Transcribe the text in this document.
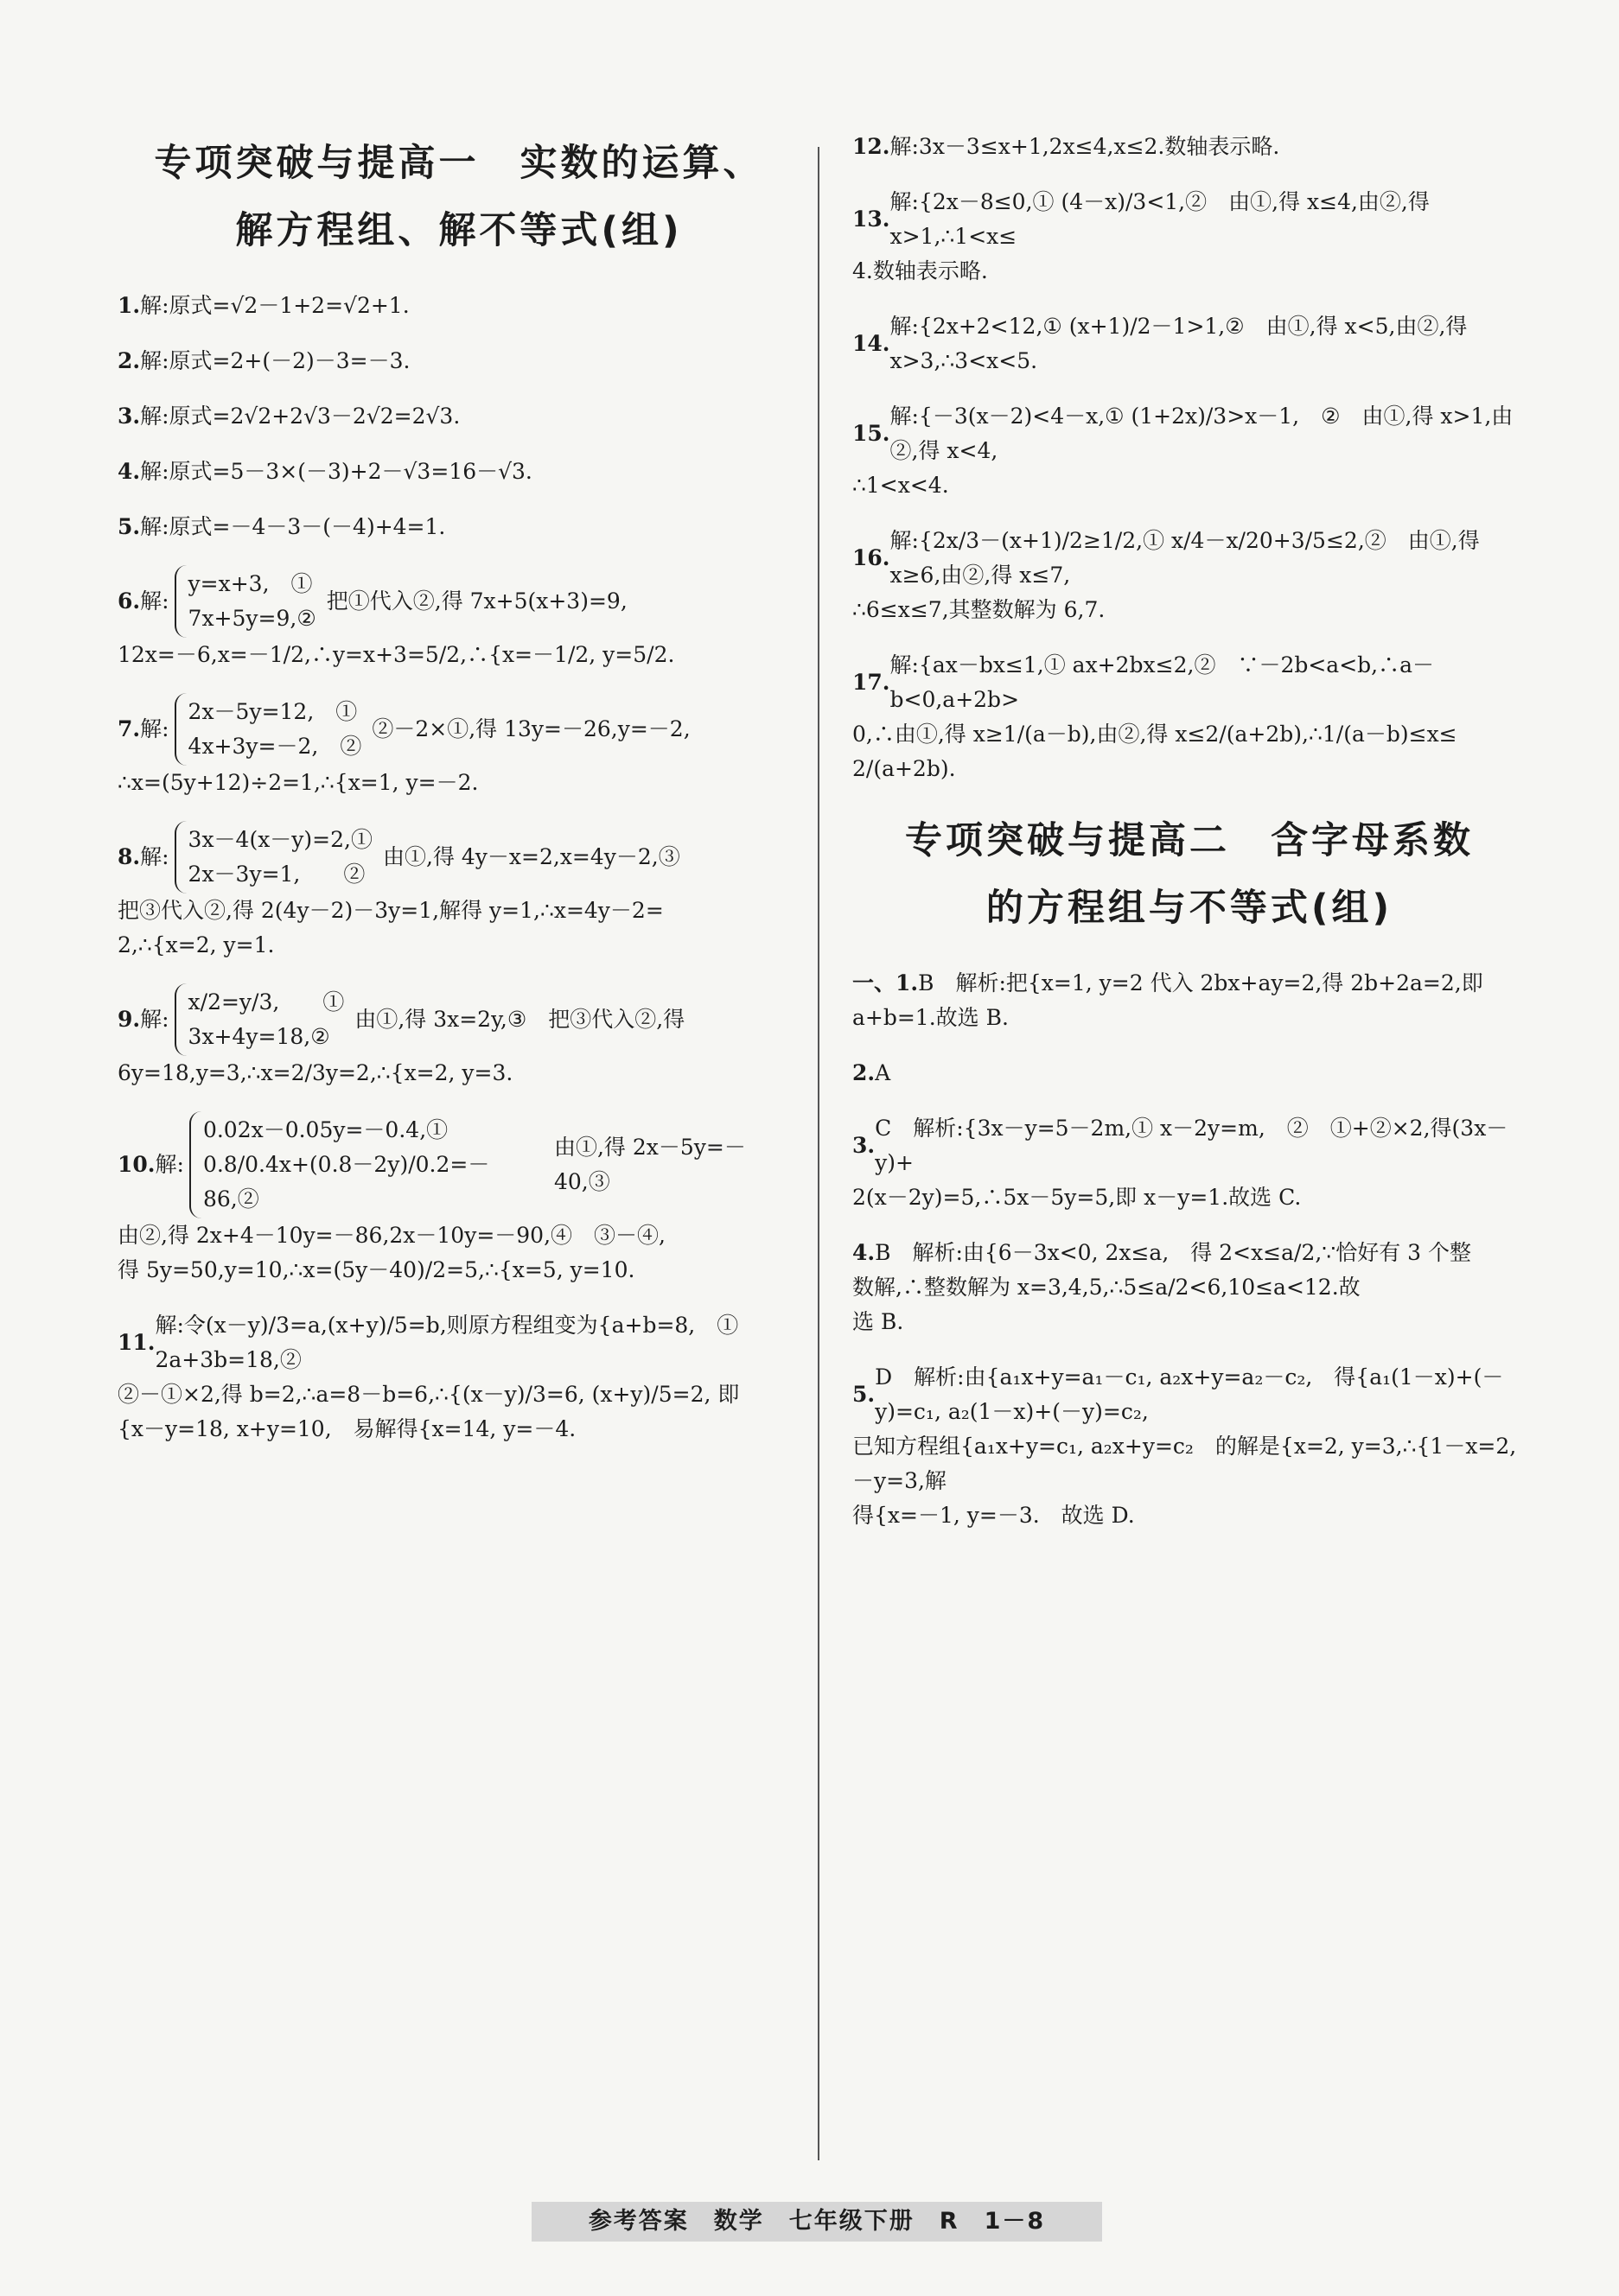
专项突破与提高一　实数的运算、
解方程组、解不等式(组)
1. 解:原式=√2－1+2=√2+1.
2. 解:原式=2+(－2)－3=－3.
3. 解:原式=2√2+2√3－2√2=2√3.
4. 解:原式=5－3×(－3)+2－√3=16－√3.
5. 解:原式=－4－3－(－4)+4=1.
6. 解:
y=x+3,　①
7x+5y=9,②
把①代入②,得 7x+5(x+3)=9,
12x=－6,x=－1/2,∴y=x+3=5/2,∴{x=－1/2, y=5/2.
7. 解:
2x－5y=12,　①
4x+3y=－2,　②
②－2×①,得 13y=－26,y=－2,
∴x=(5y+12)÷2=1,∴{x=1, y=－2.
8. 解:
3x－4(x－y)=2,①
2x－3y=1,　　②
由①,得 4y－x=2,x=4y－2,③
把③代入②,得 2(4y－2)－3y=1,解得 y=1,∴x=4y－2=
2,∴{x=2, y=1.
9. 解:
x/2=y/3,　　①
3x+4y=18,②
由①,得 3x=2y,③　把③代入②,得
6y=18,y=3,∴x=2/3y=2,∴{x=2, y=3.
10. 解:
0.02x－0.05y=－0.4,①
0.8/0.4x+(0.8－2y)/0.2=－86,②
由①,得 2x－5y=－40,③
由②,得 2x+4－10y=－86,2x－10y=－90,④　③－④,
得 5y=50,y=10,∴x=(5y－40)/2=5,∴{x=5, y=10.
11.
解:令(x－y)/3=a,(x+y)/5=b,则原方程组变为{a+b=8,　① 2a+3b=18,②
②－①×2,得 b=2,∴a=8－b=6,∴{(x－y)/3=6, (x+y)/5=2, 即
{x－y=18, x+y=10,　易解得{x=14, y=－4.
12. 解:3x－3≤x+1,2x≤4,x≤2.数轴表示略.
13.
解:{2x－8≤0,① (4－x)/3<1,②　由①,得 x≤4,由②,得 x>1,∴1<x≤
4.数轴表示略.
14.
解:{2x+2<12,① (x+1)/2－1>1,②　由①,得 x<5,由②,得 x>3,∴3<x<5.
15.
解:{－3(x－2)<4－x,① (1+2x)/3>x－1,　②　由①,得 x>1,由②,得 x<4,
∴1<x<4.
16.
解:{2x/3－(x+1)/2≥1/2,① x/4－x/20+3/5≤2,②　由①,得 x≥6,由②,得 x≤7,
∴6≤x≤7,其整数解为 6,7.
17.
解:{ax－bx≤1,① ax+2bx≤2,②　∵－2b<a<b,∴a－b<0,a+2b>
0,∴由①,得 x≥1/(a－b),由②,得 x≤2/(a+2b),∴1/(a－b)≤x≤
2/(a+2b).
专项突破与提高二　含字母系数
的方程组与不等式(组)
一、1. B　解析:把{x=1, y=2 代入 2bx+ay=2,得 2b+2a=2,即
a+b=1.故选 B.
2. A
3.
C　解析:{3x－y=5－2m,① x－2y=m,　②　①+②×2,得(3x－y)+
2(x－2y)=5,∴5x－5y=5,即 x－y=1.故选 C.
4. B　解析:由{6－3x<0, 2x≤a,　得 2<x≤a/2,∵恰好有 3 个整
数解,∴整数解为 x=3,4,5,∴5≤a/2<6,10≤a<12.故
选 B.
5.
D　解析:由{a₁x+y=a₁－c₁, a₂x+y=a₂－c₂,　得{a₁(1－x)+(－y)=c₁, a₂(1－x)+(－y)=c₂,
已知方程组{a₁x+y=c₁, a₂x+y=c₂　的解是{x=2, y=3,∴{1－x=2, －y=3,解
得{x=－1, y=－3.　故选 D.
参考答案　数学　七年级下册　R　1－8
